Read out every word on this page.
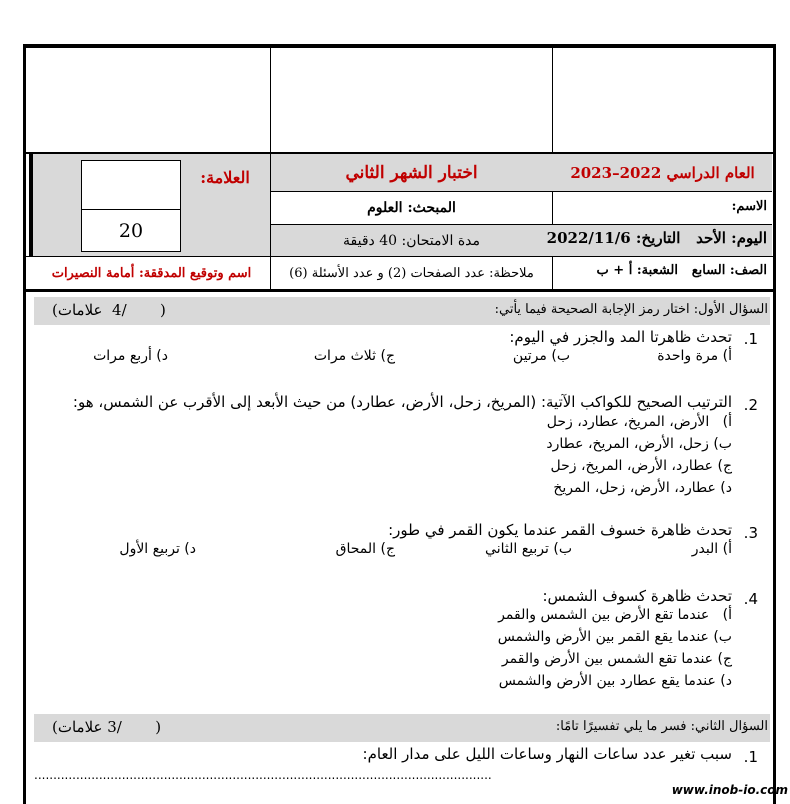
20
العلامة:	اختبار الشهر الثاني
المبحث: العلوم
مدة الامتحان: 40 دقيقة
ملاحظة: عدد الصفحات (2) و عدد الأسئلة (6)
العام الدراسي 2022–2023
الاسم:
اليوم: الأحد   التاريخ: 2022/11/6
الصف: السابع
الشعبة: أ + ب
اسم وتوقيع المدققة: أمامة النصيرات
السؤال الأول: اختار رمز الإجابة الصحيحة فيما يأتي:
(       /4  علامات)
1.
تحدث ظاهرتا المد والجزر في اليوم:
أ) مرة واحدة
ب) مرتين
ج) ثلاث مرات
د) أربع مرات
2.
الترتيب الصحيح للكواكب الآتية: (المريخ، زحل، الأرض، عطارد) من حيث الأبعد إلى الأقرب عن الشمس، هو:
أ)   الأرض، المريخ، عطارد، زحل
ب) زحل، الأرض، المريخ، عطارد
ج) عطارد، الأرض، المريخ، زحل
د) عطارد، الأرض، زحل، المريخ
3.
تحدث ظاهرة خسوف القمر عندما يكون القمر في طور:
أ) البدر
ب) تربيع الثاني
ج) المحاق
د) تربيع الأول
4.
تحدث ظاهرة كسوف الشمس:
أ)   عندما تقع الأرض بين الشمس والقمر
ب) عندما يقع القمر بين الأرض والشمس
ج) عندما تقع الشمس بين الأرض والقمر
د) عندما يقع عطارد بين الأرض والشمس
السؤال الثاني: فسر ما يلي تفسيرًا تامًا:
(       /3 علامات)
1.
سبب تغير عدد ساعات النهار وساعات الليل على مدار العام:
........................................................................................................................
www.inob-io.com
